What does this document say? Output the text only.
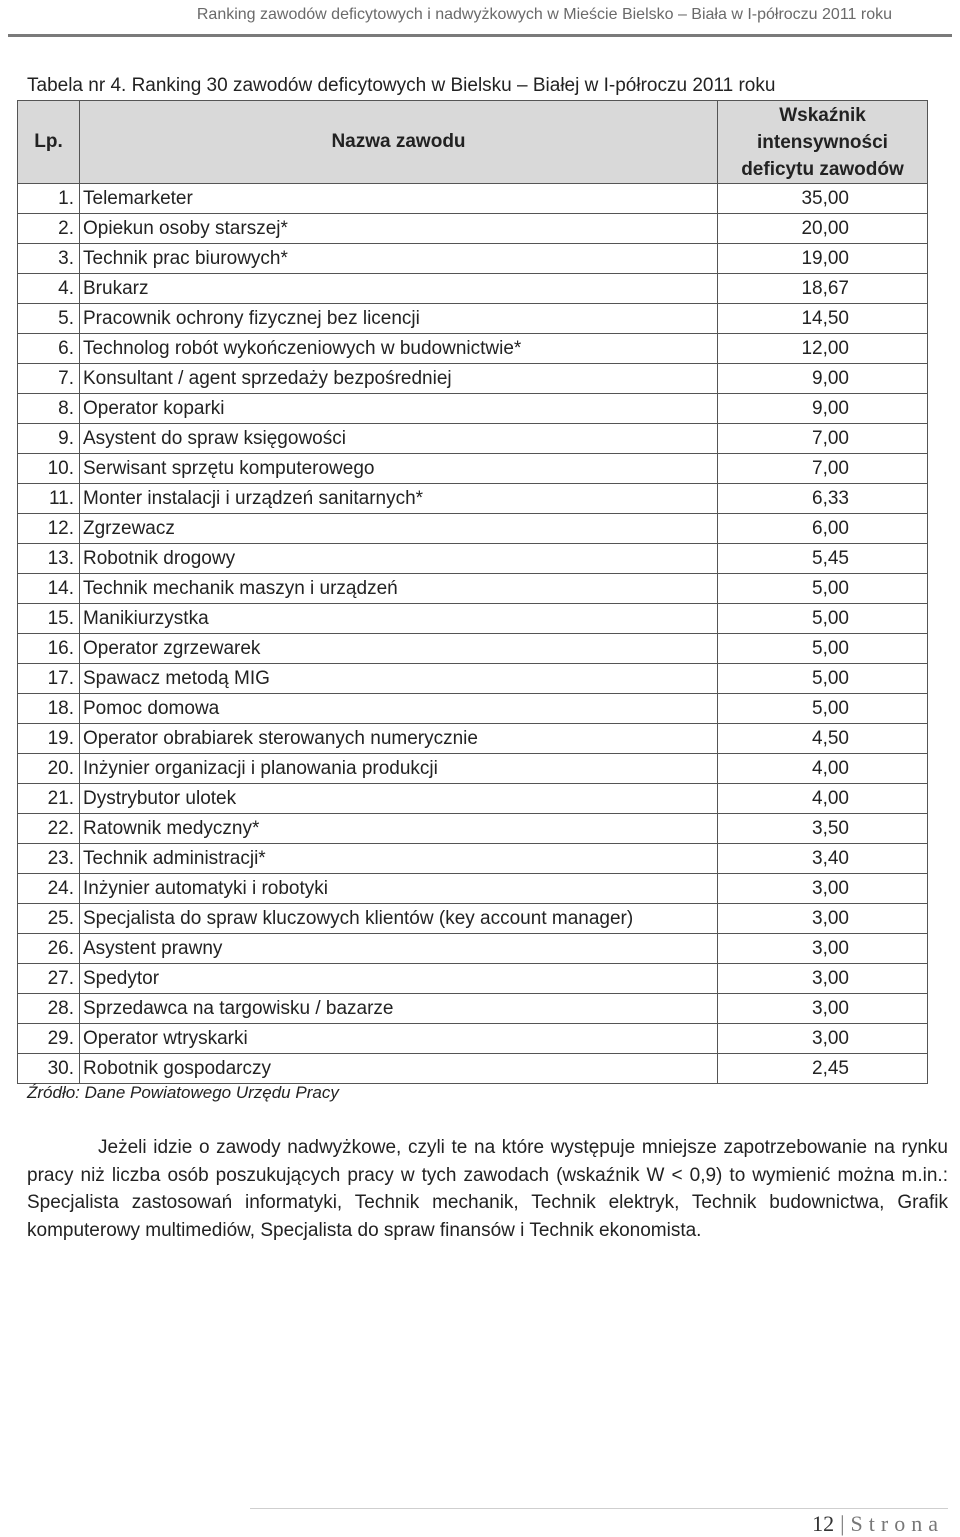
Ranking zawodów deficytowych i nadwyżkowych w Mieście Bielsko – Biała w I-półroczu 2011 roku
Tabela nr 4. Ranking 30 zawodów deficytowych w Bielsku – Białej w I-półroczu 2011 roku
Lp.	Nazwa zawodu	Wskaźnik
intensywności
deficytu zawodów
1.	Telemarketer	35,00
2.	Opiekun osoby starszej*	20,00
3.	Technik prac biurowych*	19,00
4.	Brukarz	18,67
5.	Pracownik ochrony fizycznej bez licencji	14,50
6.	Technolog robót wykończeniowych w budownictwie*	12,00
7.	Konsultant / agent sprzedaży bezpośredniej	9,00
8.	Operator koparki	9,00
9.	Asystent do spraw księgowości	7,00
10.	Serwisant sprzętu komputerowego	7,00
11.	Monter instalacji i urządzeń sanitarnych*	6,33
12.	Zgrzewacz	6,00
13.	Robotnik drogowy	5,45
14.	Technik mechanik maszyn i urządzeń	5,00
15.	Manikiurzystka	5,00
16.	Operator zgrzewarek	5,00
17.	Spawacz metodą MIG	5,00
18.	Pomoc domowa	5,00
19.	Operator obrabiarek sterowanych numerycznie	4,50
20.	Inżynier organizacji i planowania produkcji	4,00
21.	Dystrybutor ulotek	4,00
22.	Ratownik medyczny*	3,50
23.	Technik administracji*	3,40
24.	Inżynier automatyki i robotyki	3,00
25.	Specjalista do spraw kluczowych klientów (key account manager)	3,00
26.	Asystent prawny	3,00
27.	Spedytor	3,00
28.	Sprzedawca na targowisku / bazarze	3,00
29.	Operator wtryskarki	3,00
30.	Robotnik gospodarczy	2,45
Źródło: Dane Powiatowego Urzędu Pracy
Jeżeli idzie o zawody nadwyżkowe, czyli te na które występuje mniejsze zapotrzebowanie na rynku pracy niż liczba osób poszukujących pracy w tych zawodach (wskaźnik W < 0,9) to wymienić można m.in.: Specjalista zastosowań informatyki, Technik mechanik, Technik elektryk, Technik budownictwa, Grafik komputerowy multimediów, Specjalista do spraw finansów i Technik ekonomista.
12 | Strona
